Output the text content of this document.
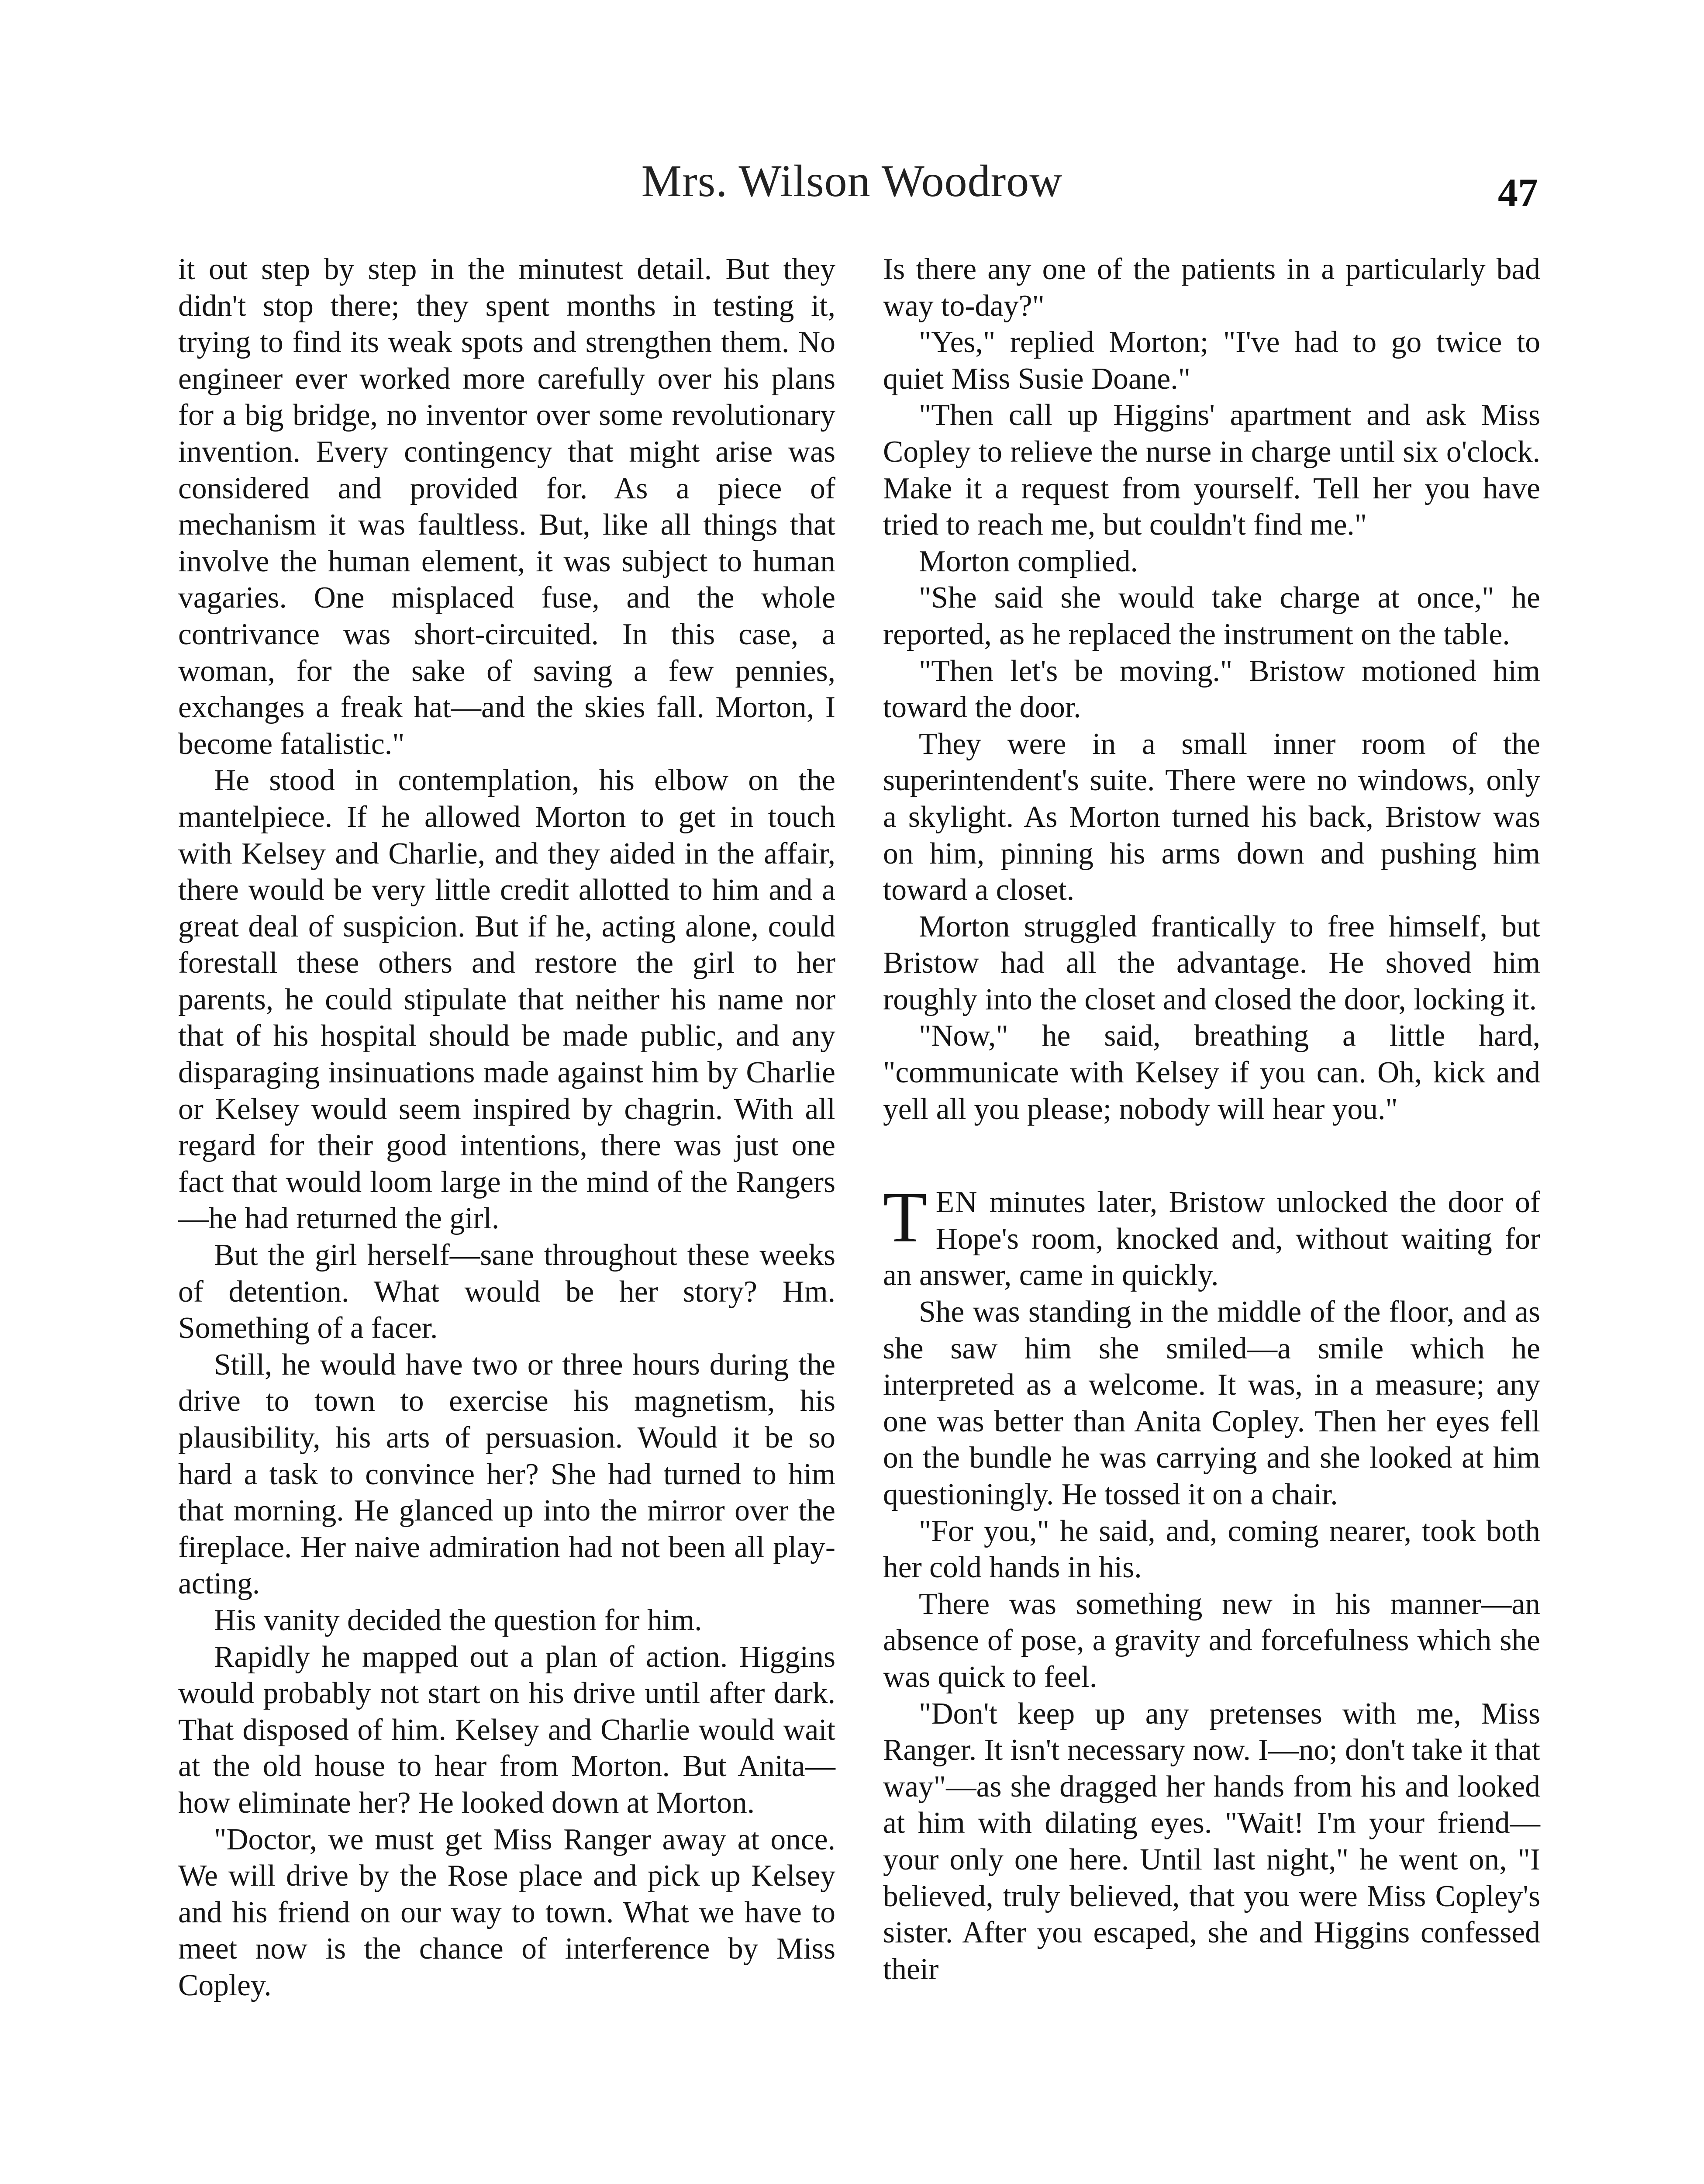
Mrs. Wilson Woodrow	47

it out step by step in the minutest detail. But they didn't stop there; they spent months in testing it, trying to find its weak spots and strengthen them. No engineer ever worked more carefully over his plans for a big bridge, no inventor over some revolutionary invention. Every contingency that might arise was considered and provided for. As a piece of mechanism it was faultless. But, like all things that involve the human element, it was subject to human vagaries. One misplaced fuse, and the whole contrivance was short-circuited. In this case, a woman, for the sake of saving a few pennies, exchanges a freak hat—and the skies fall. Morton, I become fatalistic."

He stood in contemplation, his elbow on the mantelpiece. If he allowed Morton to get in touch with Kelsey and Charlie, and they aided in the affair, there would be very little credit allotted to him and a great deal of suspicion. But if he, acting alone, could forestall these others and restore the girl to her parents, he could stipulate that neither his name nor that of his hospital should be made public, and any disparaging insinuations made against him by Charlie or Kelsey would seem inspired by chagrin. With all regard for their good intentions, there was just one fact that would loom large in the mind of the Rangers—he had returned the girl.

But the girl herself—sane throughout these weeks of detention. What would be her story? Hm. Something of a facer.

Still, he would have two or three hours during the drive to town to exercise his magnetism, his plausibility, his arts of persuasion. Would it be so hard a task to convince her? She had turned to him that morning. He glanced up into the mirror over the fireplace. Her naive admiration had not been all play-acting.

His vanity decided the question for him.

Rapidly he mapped out a plan of action. Higgins would probably not start on his drive until after dark. That disposed of him. Kelsey and Charlie would wait at the old house to hear from Morton. But Anita—how eliminate her? He looked down at Morton.

"Doctor, we must get Miss Ranger away at once. We will drive by the Rose place and pick up Kelsey and his friend on our way to town. What we have to meet now is the chance of interference by Miss Copley.

Is there any one of the patients in a particularly bad way to-day?"

"Yes," replied Morton; "I've had to go twice to quiet Miss Susie Doane."

"Then call up Higgins' apartment and ask Miss Copley to relieve the nurse in charge until six o'clock. Make it a request from yourself. Tell her you have tried to reach me, but couldn't find me."

Morton complied.

"She said she would take charge at once," he reported, as he replaced the instrument on the table.

"Then let's be moving." Bristow motioned him toward the door.

They were in a small inner room of the superintendent's suite. There were no windows, only a skylight. As Morton turned his back, Bristow was on him, pinning his arms down and pushing him toward a closet.

Morton struggled frantically to free himself, but Bristow had all the advantage. He shoved him roughly into the closet and closed the door, locking it.

"Now," he said, breathing a little hard, "communicate with Kelsey if you can. Oh, kick and yell all you please; nobody will hear you."

TEN minutes later, Bristow unlocked the door of Hope's room, knocked and, without waiting for an answer, came in quickly.

She was standing in the middle of the floor, and as she saw him she smiled—a smile which he interpreted as a welcome. It was, in a measure; any one was better than Anita Copley. Then her eyes fell on the bundle he was carrying and she looked at him questioningly. He tossed it on a chair.

"For you," he said, and, coming nearer, took both her cold hands in his.

There was something new in his manner—an absence of pose, a gravity and forcefulness which she was quick to feel.

"Don't keep up any pretenses with me, Miss Ranger. It isn't necessary now. I—no; don't take it that way"—as she dragged her hands from his and looked at him with dilating eyes. "Wait! I'm your friend—your only one here. Until last night," he went on, "I believed, truly believed, that you were Miss Copley's sister. After you escaped, she and Higgins confessed their
